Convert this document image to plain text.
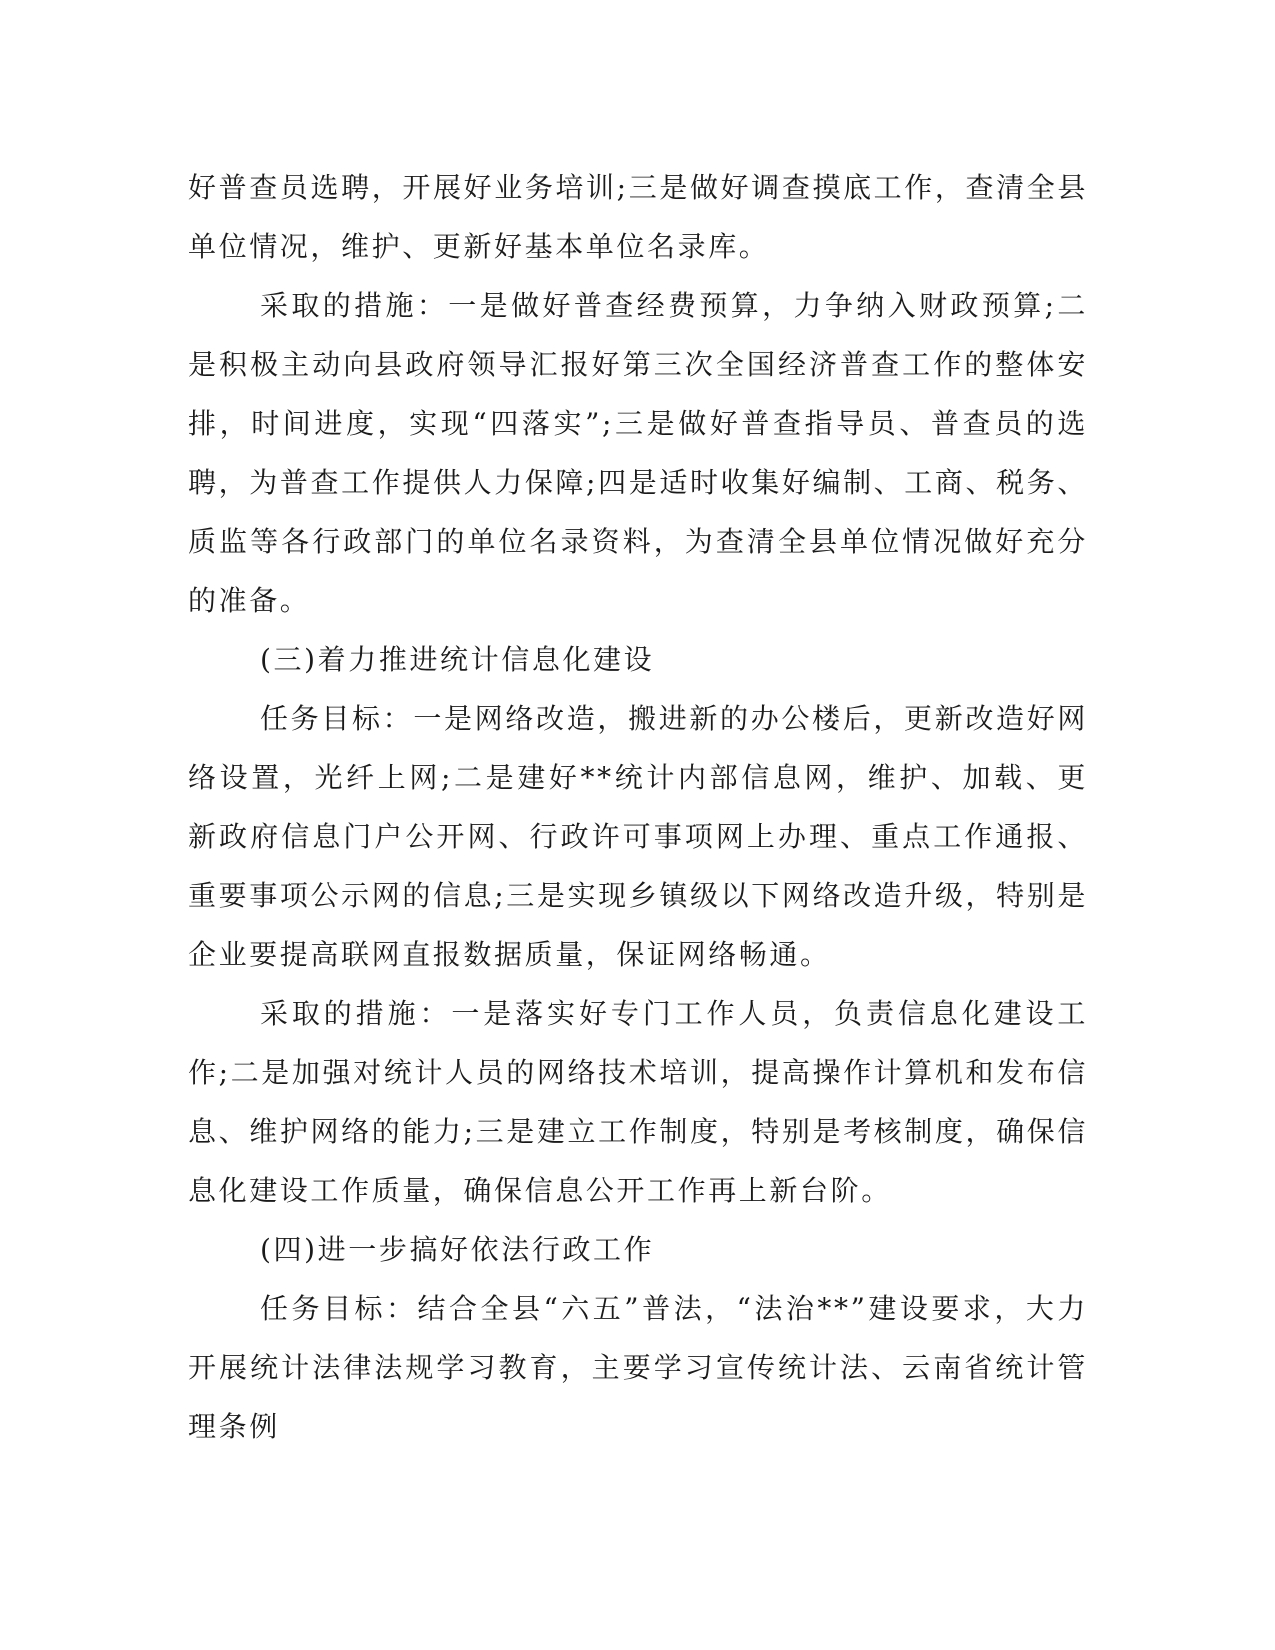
好普查员选聘，开展好业务培训;三是做好调查摸底工作，查清全县单位情况，维护、更新好基本单位名录库。

采取的措施：一是做好普查经费预算，力争纳入财政预算;二是积极主动向县政府领导汇报好第三次全国经济普查工作的整体安排，时间进度，实现“四落实”;三是做好普查指导员、普查员的选聘，为普查工作提供人力保障;四是适时收集好编制、工商、税务、质监等各行政部门的单位名录资料，为查清全县单位情况做好充分的准备。

(三)着力推进统计信息化建设

任务目标：一是网络改造，搬进新的办公楼后，更新改造好网络设置，光纤上网;二是建好**统计内部信息网，维护、加载、更新政府信息门户公开网、行政许可事项网上办理、重点工作通报、重要事项公示网的信息;三是实现乡镇级以下网络改造升级，特别是企业要提高联网直报数据质量，保证网络畅通。

采取的措施：一是落实好专门工作人员，负责信息化建设工作;二是加强对统计人员的网络技术培训，提高操作计算机和发布信息、维护网络的能力;三是建立工作制度，特别是考核制度，确保信息化建设工作质量，确保信息公开工作再上新台阶。

(四)进一步搞好依法行政工作

任务目标：结合全县“六五”普法，“法治**”建设要求，大力开展统计法律法规学习教育，主要学习宣传统计法、云南省统计管理条例
